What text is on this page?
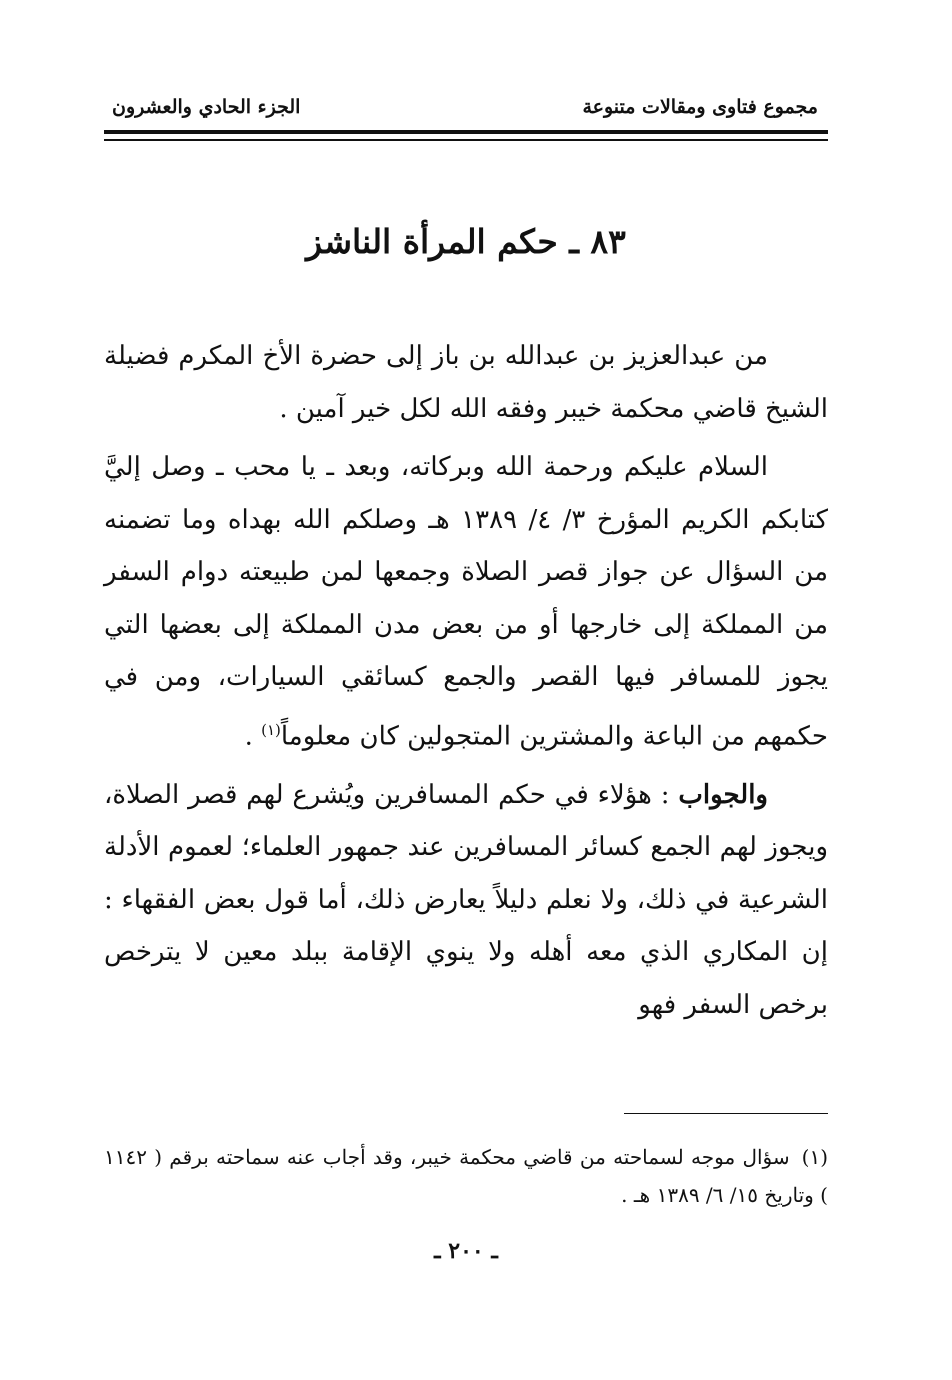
مجموع فتاوى ومقالات متنوعة
الجزء الحادي والعشرون
٨٣ ـ حكم المرأة الناشز

من عبدالعزيز بن عبدالله بن باز إلى حضرة الأخ المكرم فضيلة الشيخ قاضي محكمة خيبر وفقه الله لكل خير آمين .

السلام عليكم ورحمة الله وبركاته، وبعد ـ يا محب ـ وصل إليَّ كتابكم الكريم المؤرخ ٣/ ٤/ ١٣٨٩ هـ وصلكم الله بهداه وما تضمنه من السؤال عن جواز قصر الصلاة وجمعها لمن طبيعته دوام السفر من المملكة إلى خارجها أو من بعض مدن المملكة إلى بعضها التي يجوز للمسافر فيها القصر والجمع كسائقي السيارات، ومن في حكمهم من الباعة والمشترين المتجولين كان معلوماً$^{(١)}$ .

والجواب : هؤلاء في حكم المسافرين ويُشرع لهم قصر الصلاة، ويجوز لهم الجمع كسائر المسافرين عند جمهور العلماء؛ لعموم الأدلة الشرعية في ذلك، ولا نعلم دليلاً يعارض ذلك، أما قول بعض الفقهاء : إن المكاري الذي معه أهله ولا ينوي الإقامة ببلد معين لا يترخص برخص السفر فهو

(١)سؤال موجه لسماحته من قاضي محكمة خيبر، وقد أجاب عنه سماحته برقم ( ١١٤٢ ) وتاريخ ١٥/ ٦/ ١٣٨٩ هـ .
ـ ٢٠٠ ـ
